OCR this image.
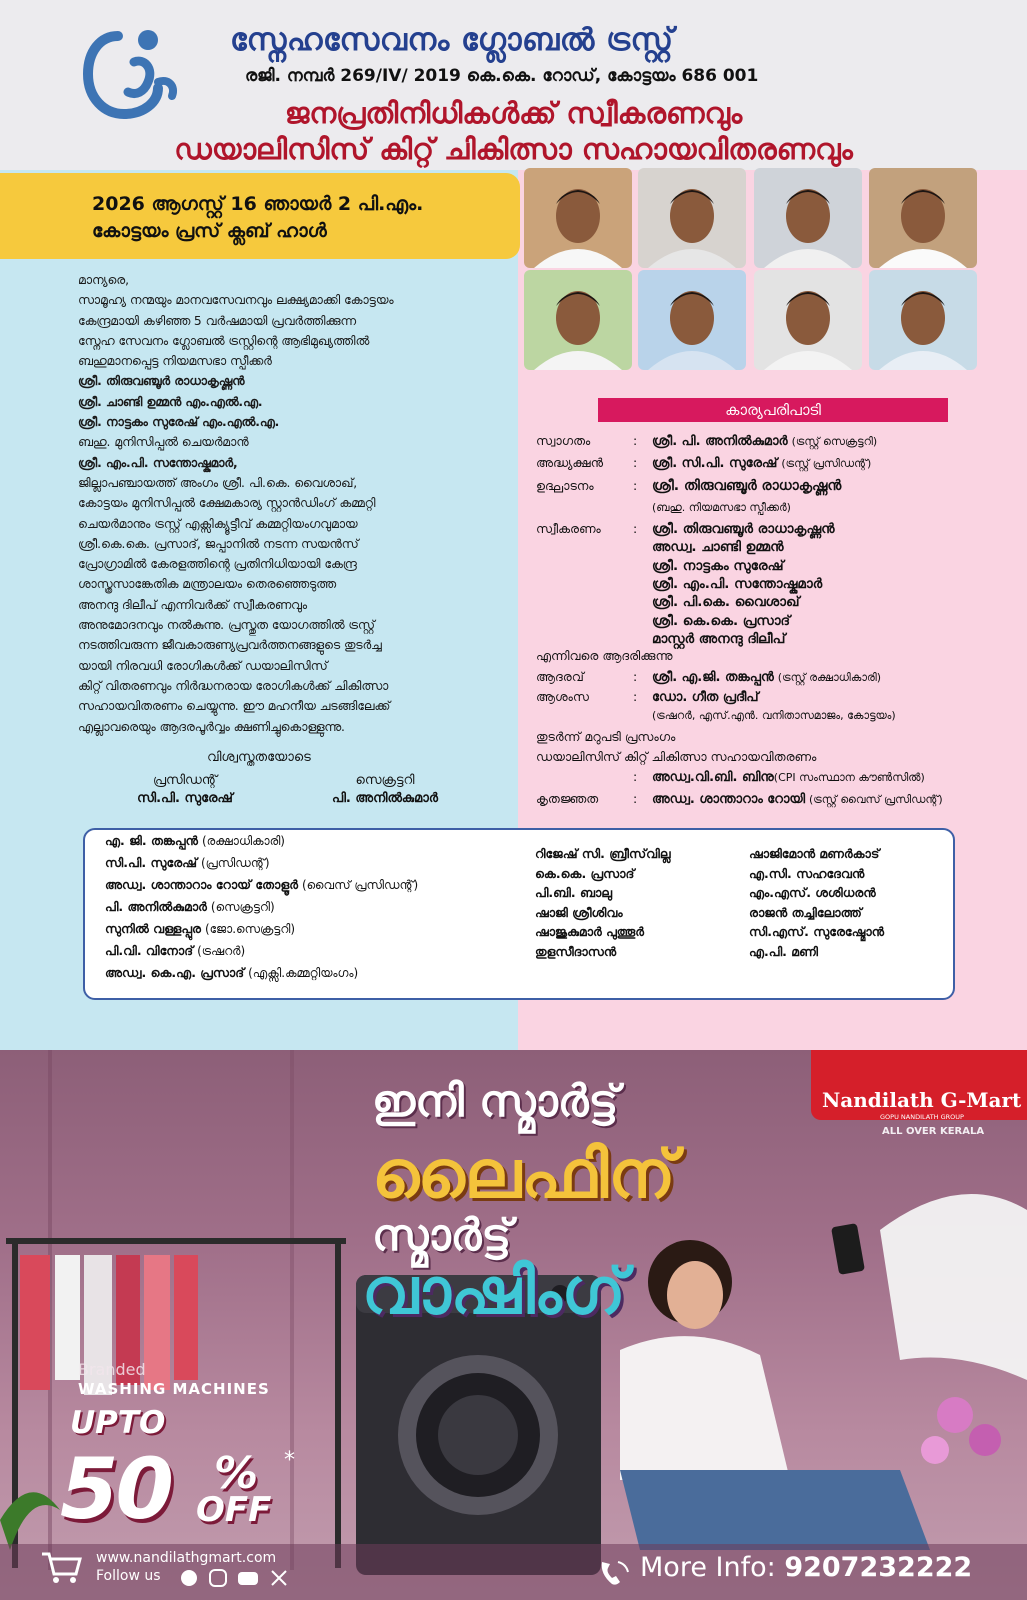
സ്നേഹസേവനം ഗ്ലോബൽ ട്രസ്റ്റ്
രജി. നമ്പർ 269/IV/ 2019 കെ.കെ. റോഡ്, കോട്ടയം 686 001
ജനപ്രതിനിധികൾക്ക് സ്വീകരണവും
ഡയാലിസിസ് കിറ്റ് ചികിത്സാ സഹായവിതരണവും
2026 ആഗസ്റ്റ് 16 ഞായർ 2 പി.എം.
കോട്ടയം പ്രസ് ക്ലബ് ഹാൾ
മാന്യരെ,
സാമൂഹ്യ നന്മയും മാനവസേവനവും ലക്ഷ്യമാക്കി കോട്ടയം
കേന്ദ്രമായി കഴിഞ്ഞ 5 വർഷമായി പ്രവർത്തിക്കുന്ന
സ്നേഹ സേവനം ഗ്ലോബൽ ട്രസ്റ്റിന്റെ ആഭിമുഖ്യത്തിൽ
ബഹുമാനപ്പെട്ട നിയമസഭാ സ്പീക്കർ
ശ്രീ. തിരുവഞ്ചൂർ രാധാകൃഷ്ണൻ
ശ്രീ. ചാണ്ടി ഉമ്മൻ എം.എൽ.എ.
ശ്രീ. നാട്ടകം സുരേഷ് എം.എൽ.എ.
ബഹു. മുനിസിപ്പൽ ചെയർമാൻ
ശ്രീ. എം.പി. സന്തോഷ്കുമാർ,
ജില്ലാപഞ്ചായത്ത് അംഗം ശ്രീ. പി.കെ. വൈശാഖ്,
കോട്ടയം മുനിസിപ്പൽ ക്ഷേമകാര്യ സ്റ്റാൻഡിംഗ് കമ്മറ്റി
ചെയർമാനും ട്രസ്റ്റ് എക്സിക്യൂട്ടീവ് കമ്മറ്റിയംഗവുമായ
ശ്രീ.കെ.കെ. പ്രസാദ്, ജപ്പാനിൽ നടന്ന സയൻസ്
പ്രോഗ്രാമിൽ കേരളത്തിന്റെ പ്രതിനിധിയായി കേന്ദ്ര
ശാസ്ത്രസാങ്കേതിക മന്ത്രാലയം തെരഞ്ഞെടുത്ത
അനന്ദു ദിലീപ് എന്നിവർക്ക് സ്വീകരണവും
അനുമോദനവും നൽകുന്നു. പ്രസ്തുത യോഗത്തിൽ ട്രസ്റ്റ്
നടത്തിവരുന്ന ജീവകാരുണ്യപ്രവർത്തനങ്ങളുടെ തുടർച്ച
യായി നിരവധി രോഗികൾക്ക് ഡയാലിസിസ്
കിറ്റ് വിതരണവും നിർദ്ധനരായ രോഗികൾക്ക് ചികിത്സാ
സഹായവിതരണം ചെയ്യുന്നു. ഈ മഹനീയ ചടങ്ങിലേക്ക്
എല്ലാവരെയും ആദരപൂർവ്വം ക്ഷണിച്ചുകൊള്ളുന്നു.
വിശ്വസ്തതയോടെ
പ്രസിഡന്റ്
സി.പി. സുരേഷ്
സെക്രട്ടറി
പി. അനിൽകുമാർ
കാര്യപരിപാടി
സ്വാഗതം	: ശ്രീ. പി. അനിൽകുമാർ (ട്രസ്റ്റ് സെക്രട്ടറി)
അദ്ധ്യക്ഷൻ	: ശ്രീ. സി.പി. സുരേഷ് (ട്രസ്റ്റ് പ്രസിഡന്റ്)
ഉദ്ഘാടനം	: ശ്രീ. തിരുവഞ്ചൂർ രാധാകൃഷ്ണൻ
(ബഹു. നിയമസഭാ സ്പീക്കർ)
സ്വീകരണം	: ശ്രീ. തിരുവഞ്ചൂർ രാധാകൃഷ്ണൻ
അഡ്വ. ചാണ്ടി ഉമ്മൻ
ശ്രീ. നാട്ടകം സുരേഷ്
ശ്രീ. എം.പി. സന്തോഷ്കുമാർ
ശ്രീ. പി.കെ. വൈശാഖ്
ശ്രീ. കെ.കെ. പ്രസാദ്
മാസ്റ്റർ അനന്ദു ദിലീപ്
എന്നിവരെ ആദരിക്കുന്നു
ആദരവ്	: ശ്രീ. എ.ജി. തങ്കപ്പൻ (ട്രസ്റ്റ് രക്ഷാധികാരി)
ആശംസ	: ഡോ. ഗീത പ്രദീപ്
(ട്രഷറർ, എസ്.എൻ. വനിതാസമാജം, കോട്ടയം)
തുടർന്ന് മറുപടി പ്രസംഗം
ഡയാലിസിസ് കിറ്റ് ചികിത്സാ സഹായവിതരണം
: അഡ്വ.വി.ബി. ബിനു(CPI സംസ്ഥാന കൗൺസിൽ)
കൃതജ്ഞത	: അഡ്വ. ശാന്താറാം റോയി (ട്രസ്റ്റ് വൈസ് പ്രസിഡന്റ്)
എ. ജി. തങ്കപ്പൻ (രക്ഷാധികാരി)
സി.പി. സുരേഷ് (പ്രസിഡന്റ്)
അഡ്വ. ശാന്താറാം റോയ് തോളൂർ (വൈസ് പ്രസിഡന്റ്)
പി. അനിൽകുമാർ (സെക്രട്ടറി)
സുനിൽ വള്ളപ്പുര (ജോ.സെക്രട്ടറി)
പി.വി. വിനോദ് (ട്രഷറർ)
അഡ്വ. കെ.എ. പ്രസാദ് (എക്സി.കമ്മറ്റിയംഗം)
റിജേഷ് സി. ബ്രീസ്‌വില്ല
കെ.കെ. പ്രസാദ്
പി.ബി. ബാലു
ഷാജി ശ്രീശിവം
ഷാജുകുമാർ പുത്തൂർ
തുളസീദാസൻ
ഷാജിമോൻ മണർകാട്
എ.സി. സഹദേവൻ
എം.എസ്. ശശിധരൻ
രാജൻ തച്ചിലോത്ത്
സി.എസ്. സുരേഷ്മോൻ
എ.പി. മണി
ഇനി സ്മാർട്ട്
ലൈഫിന്
സ്മാർട്ട്
വാഷിംഗ്
Nandilath G-Mart
GOPU NANDILATH GROUP
ALL OVER KERALA
Branded
WASHING MACHINES
UPTO
50 % *
OFF
www.nandilathgmart.com
Follow us	More Info: 9207232222
